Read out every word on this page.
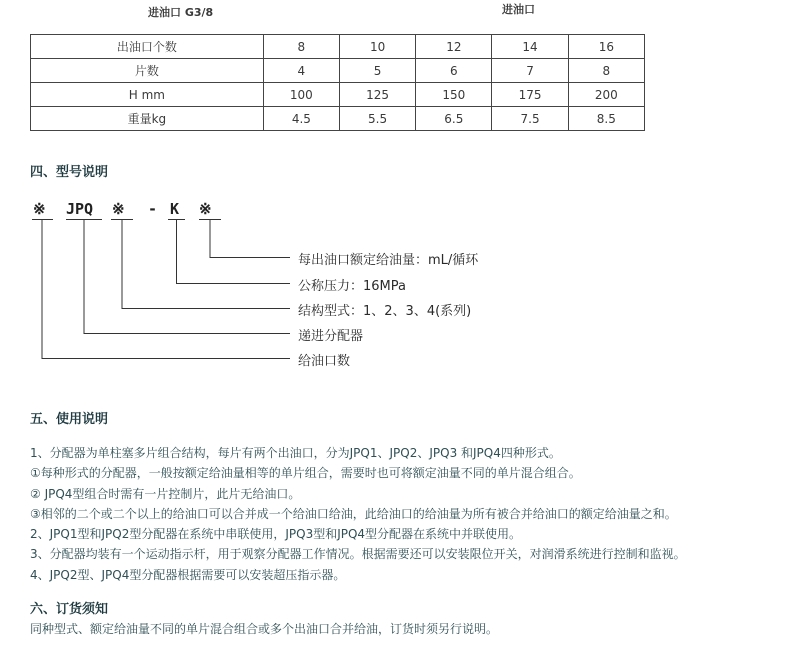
进油口 G3/8	进油口
出油口个数	8	10	12	14	16
片数	4	5	6	7	8
H mm	100	125	150	175	200
重量kg	4.5	5.5	6.5	7.5	8.5
四、型号说明
※ JPQ ※ - K ※
每出油口额定给油量：mL/循环
公称压力：16MPa
结构型式：1、2、3、4(系列)
递进分配器
给油口数
五、使用说明
1、分配器为单柱塞多片组合结构，每片有两个出油口，分为JPQ1、JPQ2、JPQ3 和JPQ4四种形式。
①每种形式的分配器，一般按额定给油量相等的单片组合，需要时也可将额定油量不同的单片混合组合。
② JPQ4型组合时需有一片控制片，此片无给油口。
③相邻的二个或二个以上的给油口可以合并成一个给油口给油，此给油口的给油量为所有被合并给油口的额定给油量之和。
2、JPQ1型和JPQ2型分配器在系统中串联使用，JPQ3型和JPQ4型分配器在系统中并联使用。
3、分配器均装有一个运动指示杆，用于观察分配器工作情况。根据需要还可以安装限位开关，对润滑系统进行控制和监视。
4、JPQ2型、JPQ4型分配器根据需要可以安装超压指示器。
六、订货须知
同种型式、额定给油量不同的单片混合组合或多个出油口合并给油，订货时须另行说明。
